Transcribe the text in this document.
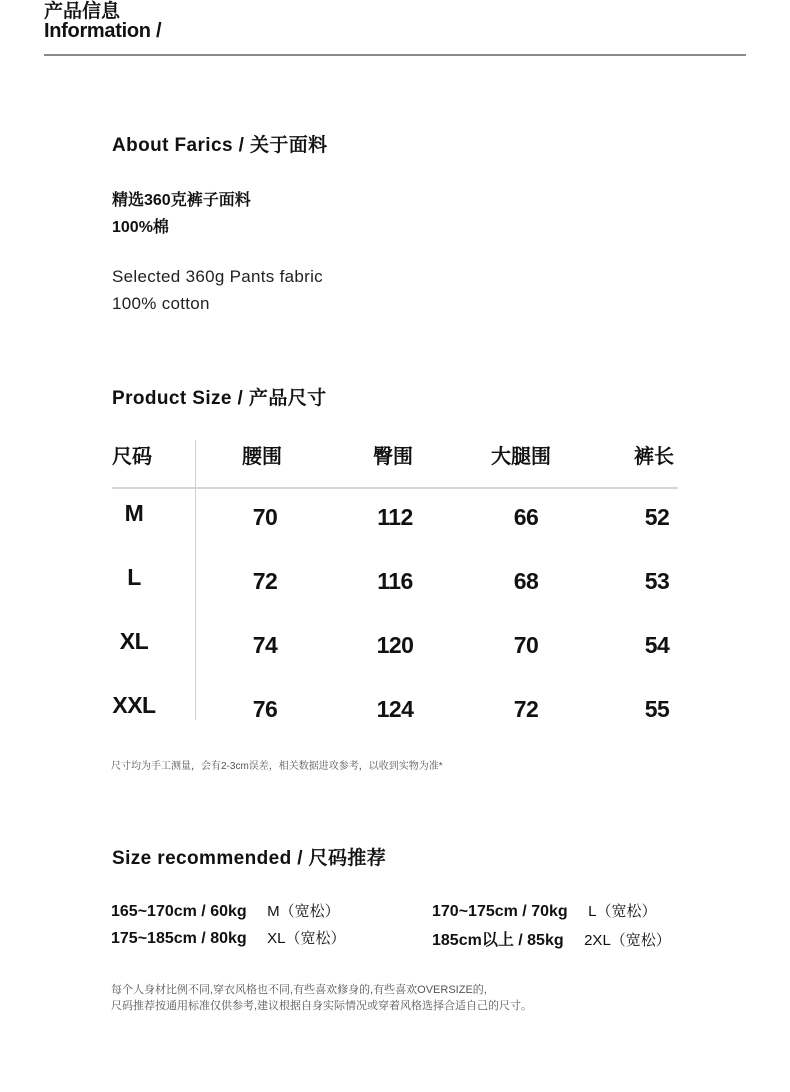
产品信息
Information /
About Farics / 关于面料
精选360克裤子面料
100%棉
Selected 360g Pants fabric
100% cotton
Product Size / 产品尺寸
尺码	腰围	臀围	大腿围	裤长
M	70	112	66	52
L	72	116	68	53
XL	74	120	70	54
XXL	76	124	72	55
尺寸均为手工测量，会有2-3cm误差，相关数据进攻参考，以收到实物为准*
Size recommended / 尺码推荐
165~170cm / 60kg M（宽松）	170~175cm / 70kg L（宽松）
175~185cm / 80kg XL（宽松）	185cm以上 / 85kg 2XL（宽松）
每个人身材比例不同,穿衣风格也不同,有些喜欢修身的,有些喜欢OVERSIZE的,
尺码推荐按通用标准仅供参考,建议根据自身实际情况或穿着风格选择合适自己的尺寸。
